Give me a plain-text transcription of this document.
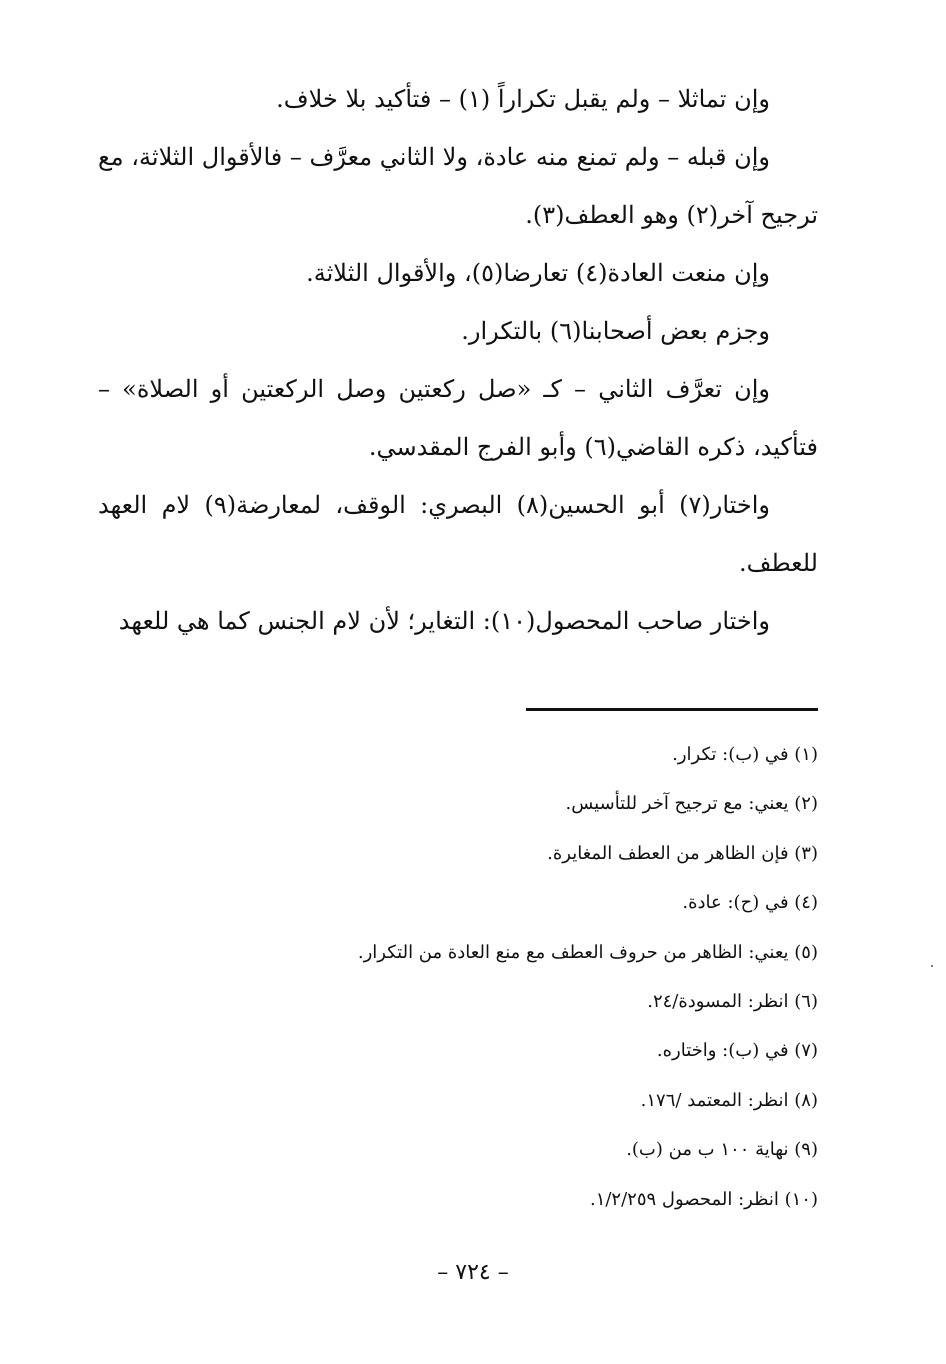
وإن تماثلا – ولم يقبل تكراراً (١) – فتأكيد بلا خلاف.

وإن قبله – ولم تمنع منه عادة، ولا الثاني معرَّف – فالأقوال الثلاثة، مع ترجيح آخر(٢) وهو العطف(٣).

وإن منعت العادة(٤) تعارضا(٥)، والأقوال الثلاثة.

وجزم بعض أصحابنا(٦) بالتكرار.

وإن تعرَّف الثاني – كـ «صل ركعتين وصل الركعتين أو الصلاة» – فتأكيد، ذكره القاضي(٦) وأبو الفرج المقدسي.

واختار(٧) أبو الحسين(٨) البصري: الوقف، لمعارضة(٩) لام العهد للعطف.

واختار صاحب المحصول(١٠): التغاير؛ لأن لام الجنس كما هي للعهد

(١) في (ب): تكرار.

(٢) يعني: مع ترجيح آخر للتأسيس.

(٣) فإن الظاهر من العطف المغايرة.

(٤) في (ح): عادة.

(٥) يعني: الظاهر من حروف العطف مع منع العادة من التكرار.

(٦) انظر: المسودة/٢٤.

(٧) في (ب): واختاره.

(٨) انظر: المعتمد /١٧٦.

(٩) نهاية ١٠٠ ب من (ب).

(١٠) انظر: المحصول ١/٢/٢٥٩.

– ٧٢٤ –
